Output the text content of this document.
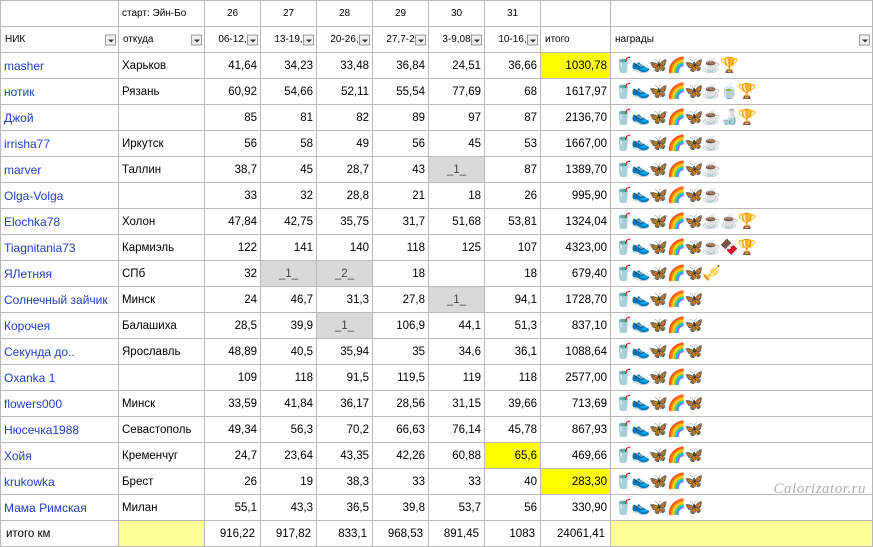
	старт: Эйн-Бо	26	27	28	29	30	31		
НИК	откуда	06-12,	13-19,	20-26,	27,7-2	3-9,08	10-16,	итого	награды

masher	Харьков	41,64	34,23	33,48	36,84	24,51	36,66	1030,78	🥤👟🦋🌈🦋☕🏆
нотик	Рязань	60,92	54,66	52,11	55,54	77,69	68	1617,97	🥤👟🦋🌈🦋☕🍵🏆
Джой		85	81	82	89	97	87	2136,70	🥤👟🦋🌈🦋☕🍶🏆
irrisha77	Иркутск	56	58	49	56	45	53	1667,00	🥤👟🦋🌈🦋☕
marver	Таллин	38,7	45	28,7	43	_1_	87	1389,70	🥤👟🦋🌈🦋☕
Olga-Volga		33	32	28,8	21	18	26	995,90	🥤👟🦋🌈🦋☕
Elochka78	Холон	47,84	42,75	35,75	31,7	51,68	53,81	1324,04	🥤👟🦋🌈🦋☕☕🏆
Tiagnitania73	Кармиэль	122	141	140	118	125	107	4323,00	🥤👟🦋🌈🦋☕🍫🏆
ЯЛетняя	СПб	32	_1_	_2_	18		18	679,40	🥤👟🦋🌈🦋🎺
Солнечный зайчик	Минск	24	46,7	31,3	27,8	_1_	94,1	1728,70	🥤👟🦋🌈🦋
Корочея	Балашиха	28,5	39,9	_1_	106,9	44,1	51,3	837,10	🥤👟🦋🌈🦋
Секунда до..	Ярославль	48,89	40,5	35,94	35	34,6	36,1	1088,64	🥤👟🦋🌈🦋
Oxanka 1		109	118	91,5	119,5	119	118	2577,00	🥤👟🦋🌈🦋
flowers000	Минск	33,59	41,84	36,17	28,56	31,15	39,66	713,69	🥤👟🦋🌈🦋
Нюсечка1988	Севастополь	49,34	56,3	70,2	66,63	76,14	45,78	867,93	🥤👟🦋🌈🦋
Хойя	Кременчуг	24,7	23,64	43,35	42,26	60,88	65,6	469,66	🥤👟🦋🌈🦋
krukowka	Брест	26	19	38,3	33	33	40	283,30	🥤👟🦋🌈🦋
Мама Римская	Милан	55,1	43,3	36,5	39,8	53,7	56	330,90	🥤👟🦋🌈🦋
итого км		916,22	917,82	833,1	968,53	891,45	1083	24061,41	
Calorizator.ru
